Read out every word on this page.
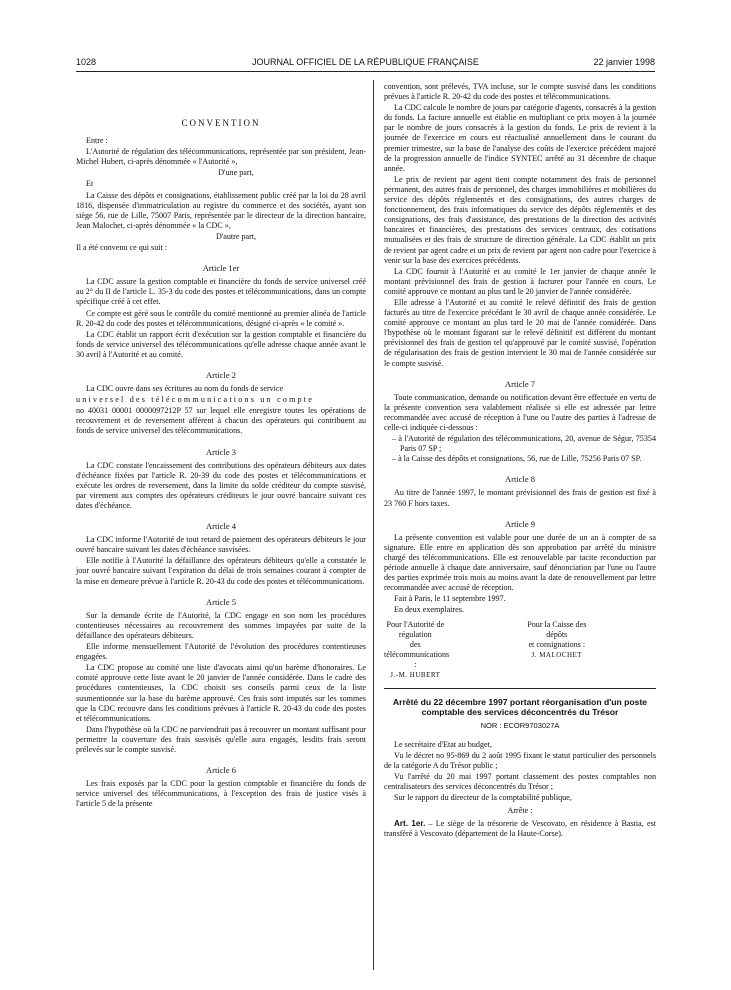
1028	JOURNAL OFFICIEL DE LA RÉPUBLIQUE FRANÇAISE	22 janvier 1998
CONVENTION

Entre :

L'Autorité de régulation des télécommunications, représentée par son président, Jean-Michel Hubert, ci-après dénommée « l'Autorité »,

D'une part,

Et

La Caisse des dépôts et consignations, établissement public créé par la loi du 28 avril 1816, dispensée d'immatriculation au registre du commerce et des sociétés, ayant son siège 56, rue de Lille, 75007 Paris, représentée par le directeur de la direction bancaire, Jean Malochet, ci-après dénommée « la CDC »,

D'autre part,

Il a été convenu ce qui suit :

Article 1er

La CDC assure la gestion comptable et financière du fonds de service universel créé au 2° du II de l'article L. 35-3 du code des postes et télécommunications, dans un compte spécifique créé à cet effet.

Ce compte est géré sous le contrôle du comité mentionné au premier alinéa de l'article R. 20-42 du code des postes et télécommunications, désigné ci-après « le comité ».

La CDC établit un rapport écrit d'exécution sur la gestion comptable et financière du fonds de service universel des télécommunications qu'elle adresse chaque année avant le 30 avril à l'Autorité et au comité.

Article 2

La CDC ouvre dans ses écritures au nom du fonds de service

universel des télécommunications un compte

no 40031 00001 0000097212P 57 sur lequel elle enregistre toutes les opérations de recouvrement et de reversement afférent à chacun des opérateurs qui contribuent au fonds de service universel des télécommunications.

Article 3

La CDC constate l'encaissement des contributions des opérateurs débiteurs aux dates d'échéance fixées par l'article R. 20-39 du code des postes et télécommunications et exécute les ordres de reversement, dans la limite du solde créditeur du compte susvisé, par virement aux comptes des opérateurs créditeurs le jour ouvré bancaire suivant ces dates d'échéance.

Article 4

La CDC informe l'Autorité de tout retard de paiement des opérateurs débiteurs le jour ouvré bancaire suivant les dates d'échéance susvisées.

Elle notifie à l'Autorité la défaillance des opérateurs débiteurs qu'elle a constatée le jour ouvré bancaire suivant l'expiration du délai de trois semaines courant à compter de la mise en demeure prévue à l'article R. 20-43 du code des postes et télécommunications.

Article 5

Sur la demande écrite de l'Autorité, la CDC engage en son nom les procédures contentieuses nécessaires au recouvrement des sommes impayées par suite de la défaillance des opérateurs débiteurs.

Elle informe mensuellement l'Autorité de l'évolution des procédures contentieuses engagées.

La CDC propose au comité une liste d'avocats ainsi qu'un barème d'honoraires. Le comité approuve cette liste avant le 20 janvier de l'année considérée. Dans le cadre des procédures contentieuses, la CDC choisit ses conseils parmi ceux de la liste susmentionnée sur la base du barème approuvé. Ces frais sont imputés sur les sommes que la CDC recouvre dans les conditions prévues à l'article R. 20-43 du code des postes et télécommunications.

Dans l'hypothèse où la CDC ne parviendrait pas à recouvrer un montant suffisant pour permettre la couverture des frais susvisés qu'elle aura engagés, lesdits frais seront prélevés sur le compte susvisé.

Article 6

Les frais exposés par la CDC pour la gestion comptable et financière du fonds de service universel des télécommunications, à l'exception des frais de justice visés à l'article 5 de la présente

convention, sont prélevés, TVA incluse, sur le compte susvisé dans les conditions prévues à l'article R. 20-42 du code des postes et télécommunications.

La CDC calcule le nombre de jours par catégorie d'agents, consacrés à la gestion du fonds. La facture annuelle est établie en multipliant ce prix moyen à la journée par le nombre de jours consacrés à la gestion du fonds. Le prix de revient à la journée de l'exercice en cours est réactualisé annuellement dans le courant du premier trimestre, sur la base de l'analyse des coûts de l'exercice précédent majoré de la progression annuelle de l'indice SYNTEC arrêté au 31 décembre de chaque année.

Le prix de revient par agent tient compte notamment des frais de personnel permanent, des autres frais de personnel, des charges immobilières et mobilières du service des dépôts réglementés et des consignations, des autres charges de fonctionnement, des frais informatiques du service des dépôts réglementés et des consignations, des frais d'assistance, des prestations de la direction des activités bancaires et financières, des prestations des services centraux, des cotisations mutualisées et des frais de structure de direction générale. La CDC établit un prix de revient par agent cadre et un prix de revient par agent non cadre pour l'exercice à venir sur la base des exercices précédents.

La CDC fournit à l'Autorité et au comité le 1er janvier de chaque année le montant prévisionnel des frais de gestion à facturer pour l'année en cours. Le comité approuve ce montant au plus tard le 20 janvier de l'année considérée.

Elle adresse à l'Autorité et au comité le relevé définitif des frais de gestion facturés au titre de l'exercice précédant le 30 avril de chaque année considérée. Le comité approuve ce montant au plus tard le 20 mai de l'année considérée. Dans l'hypothèse où le montant figurant sur le relevé définitif est différent du montant prévisionnel des frais de gestion tel qu'approuvé par le comité susvisé, l'opération de régularisation des frais de gestion intervient le 30 mai de l'année considérée sur le compte susvisé.

Article 7

Toute communication, demande ou notification devant être effectuée en vertu de la présente convention sera valablement réalisée si elle est adressée par lettre recommandée avec accusé de réception à l'une ou l'autre des parties à l'adresse de celle-ci indiquée ci-dessous :

– à l'Autorité de régulation des télécommunications, 20, avenue de Ségur, 75354 Paris 07 SP ;
– à la Caisse des dépôts et consignations, 56, rue de Lille, 75256 Paris 07 SP.
Article 8

Au titre de l'année 1997, le montant prévisionnel des frais de gestion est fixé à 23 760 F hors taxes.

Article 9

La présente convention est valable pour une durée de un an à compter de sa signature. Elle entre en application dès son approbation par arrêté du ministre chargé des télécommunications. Elle est renouvelable par tacite reconduction par période annuelle à chaque date anniversaire, sauf dénonciation par l'une ou l'autre des parties exprimée trois mois au moins avant la date de renouvellement par lettre recommandée avec accusé de réception.

Fait à Paris, le 11 septembre 1997.

En deux exemplaires.

Pour l'Autorité de régulation
des télécommunications :
J.-M. HUBERT
Pour la Caisse des dépôts
et consignations :
J. MALOCHET
Arrêté du 22 décembre 1997 portant réorganisation d'un poste comptable des services déconcentrés du Trésor
NOR : ECOR9703027A

Le secrétaire d'Etat au budget,

Vu le décret no 95-869 du 2 août 1995 fixant le statut particulier des personnels de la catégorie A du Trésor public ;

Vu l'arrêté du 20 mai 1997 portant classement des postes comptables non centralisateurs des services déconcentrés du Trésor ;

Sur le rapport du directeur de la comptabilité publique,

Arrête :

Art. 1er. – Le siège de la trésorerie de Vescovato, en résidence à Bastia, est transféré à Vescovato (département de la Haute-Corse).
